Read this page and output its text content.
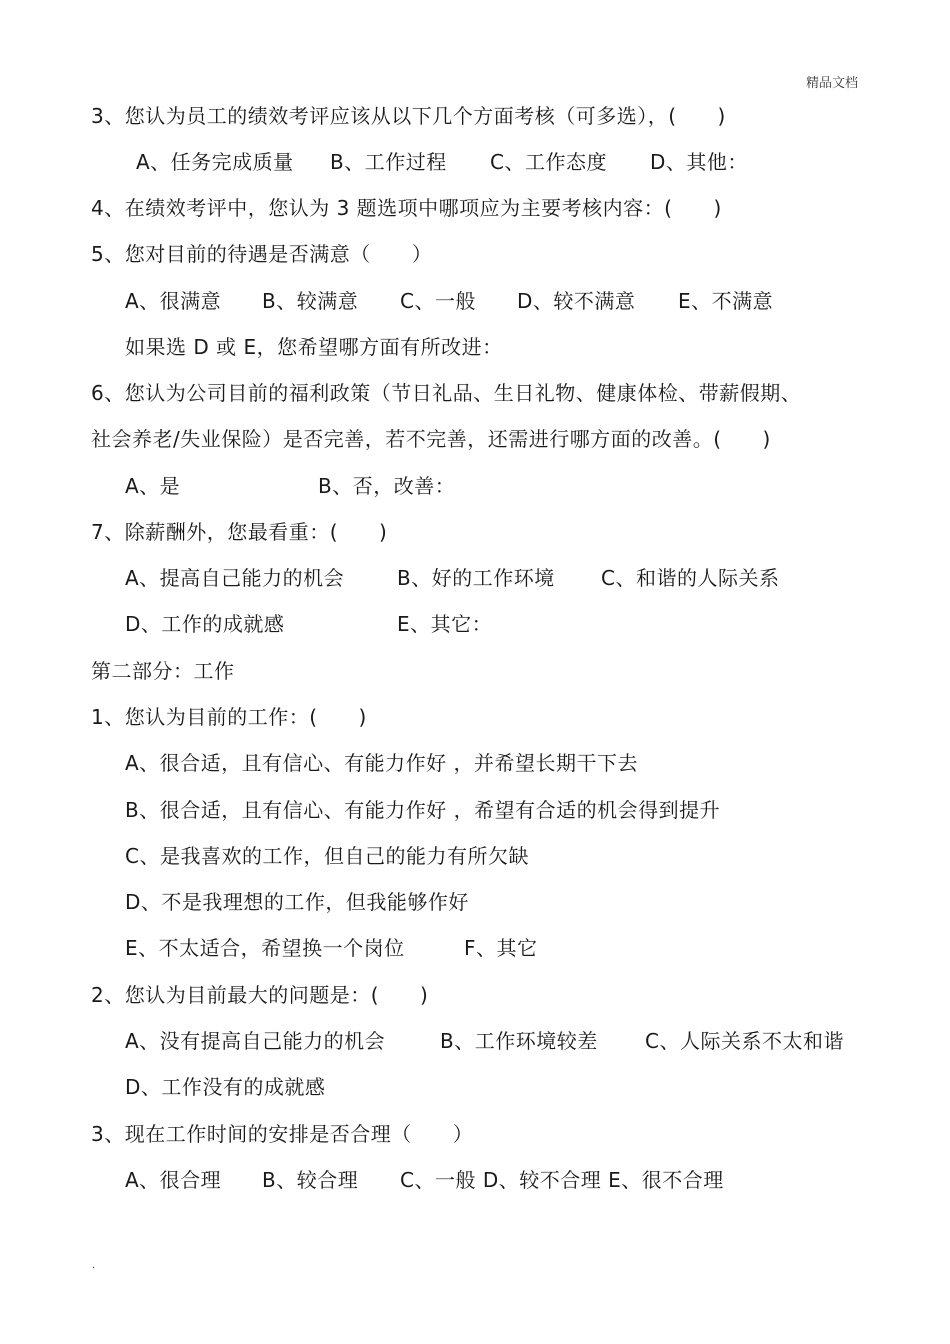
精品文档
3、您认为员工的绩效考评应该从以下几个方面考核（可多选），(　　)
A、任务完成质量 B、工作过程 C、工作态度 D、其他：
4、在绩效考评中，您认为 3 题选项中哪项应为主要考核内容：(　　)
5、您对目前的待遇是否满意（　　）
A、很满意 B、较满意 C、一般 D、较不满意 E、不满意
如果选 D 或 E，您希望哪方面有所改进：
6、您认为公司目前的福利政策（节日礼品、生日礼物、健康体检、带薪假期、
社会养老/失业保险）是否完善，若不完善，还需进行哪方面的改善。(　　)
A、是	B、否，改善：
7、除薪酬外，您最看重：(　　)
A、提高自己能力的机会	B、好的工作环境 C、和谐的人际关系
D、工作的成就感	E、其它：
第二部分：工作
1、您认为目前的工作：(　　)
A、很合适，且有信心、有能力作好 ，并希望长期干下去
B、很合适，且有信心、有能力作好 ，希望有合适的机会得到提升
C、是我喜欢的工作，但自己的能力有所欠缺
D、不是我理想的工作，但我能够作好
E、不太适合，希望换一个岗位	F、其它
2、您认为目前最大的问题是：(　　)
A、没有提高自己能力的机会	B、工作环境较差 C、人际关系不太和谐
D、工作没有的成就感
3、现在工作时间的安排是否合理（　　）
A、很合理 B、较合理 C、一般 D、较不合理 E、很不合理
.
